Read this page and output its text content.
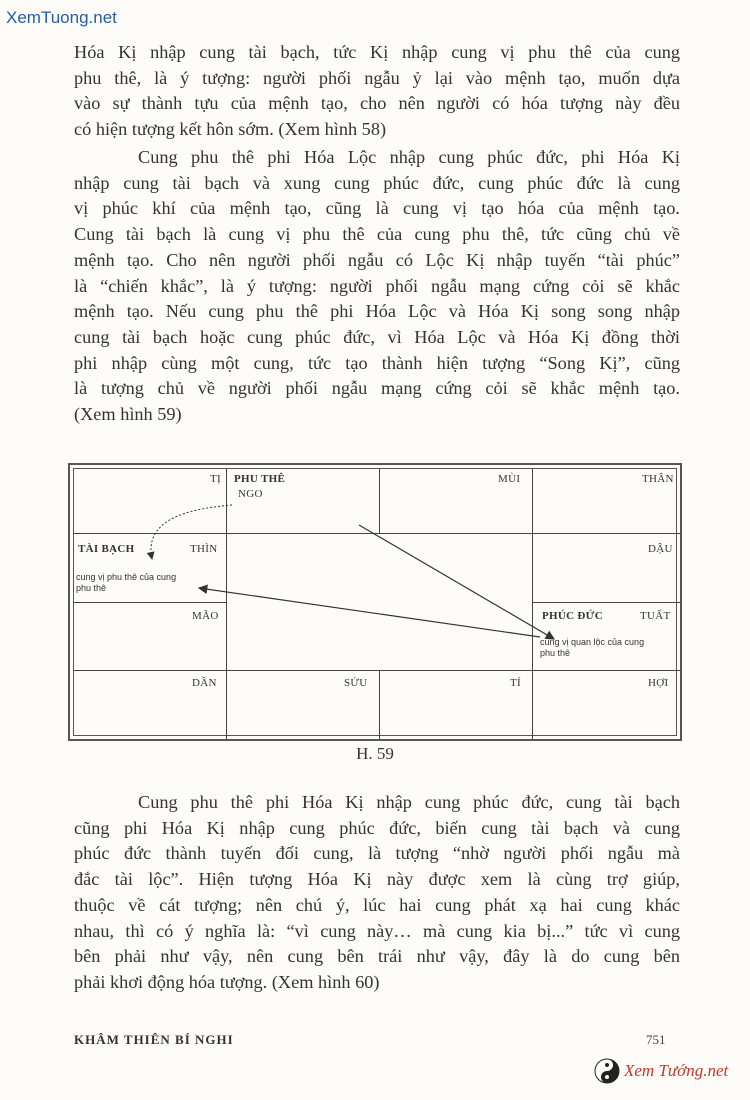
XemTuong.net
Hóa Kị nhập cung tài bạch, tức Kị nhập cung vị phu thê của cung
phu thê, là ý tượng: người phối ngẫu ỷ lại vào mệnh tạo, muốn dựa
vào sự thành tựu của mệnh tạo, cho nên người có hóa tượng này đều
có hiện tượng kết hôn sớm. (Xem hình 58)
Cung phu thê phi Hóa Lộc nhập cung phúc đức, phi Hóa Kị
nhập cung tài bạch và xung cung phúc đức, cung phúc đức là cung
vị phúc khí của mệnh tạo, cũng là cung vị tạo hóa của mệnh tạo.
Cung tài bạch là cung vị phu thê của cung phu thê, tức cũng chủ về
mệnh tạo. Cho nên người phối ngẫu có Lộc Kị nhập tuyến “tài phúc”
là “chiến khắc”, là ý tượng: người phối ngẫu mạng cứng cỏi sẽ khắc
mệnh tạo. Nếu cung phu thê phi Hóa Lộc và Hóa Kị song song nhập
cung tài bạch hoặc cung phúc đức, vì Hóa Lộc và Hóa Kị đồng thời
phi nhập cùng một cung, tức tạo thành hiện tượng “Song Kị”, cũng
là tượng chủ về người phối ngẫu mạng cứng cỏi sẽ khắc mệnh tạo.
(Xem hình 59)
TỊ PHU THÊ
NGO
MÙI	THÂN
TÀI BẠCH	THÌN
cung vị phu thê của cung phu thê
DẬU
MÃO	PHÚC ĐỨC	TUẤT
cung vị quan lộc của cung phu thê
DẦN	SỬU	TÍ	HỢI
H. 59
Cung phu thê phi Hóa Kị nhập cung phúc đức, cung tài bạch
cũng phi Hóa Kị nhập cung phúc đức, biến cung tài bạch và cung
phúc đức thành tuyến đối cung, là tượng “nhờ người phối ngẫu mà
đắc tài lộc”. Hiện tượng Hóa Kị này được xem là cùng trợ giúp,
thuộc về cát tượng; nên chú ý, lúc hai cung phát xạ hai cung khác
nhau, thì có ý nghĩa là: “vì cung này… mà cung kia bị...” tức vì cung
bên phải như vậy, nên cung bên trái như vậy, đây là do cung bên
phải khơi động hóa tượng. (Xem hình 60)
KHÂM THIÊN BÍ NGHI	751
Xem Tướng.net
